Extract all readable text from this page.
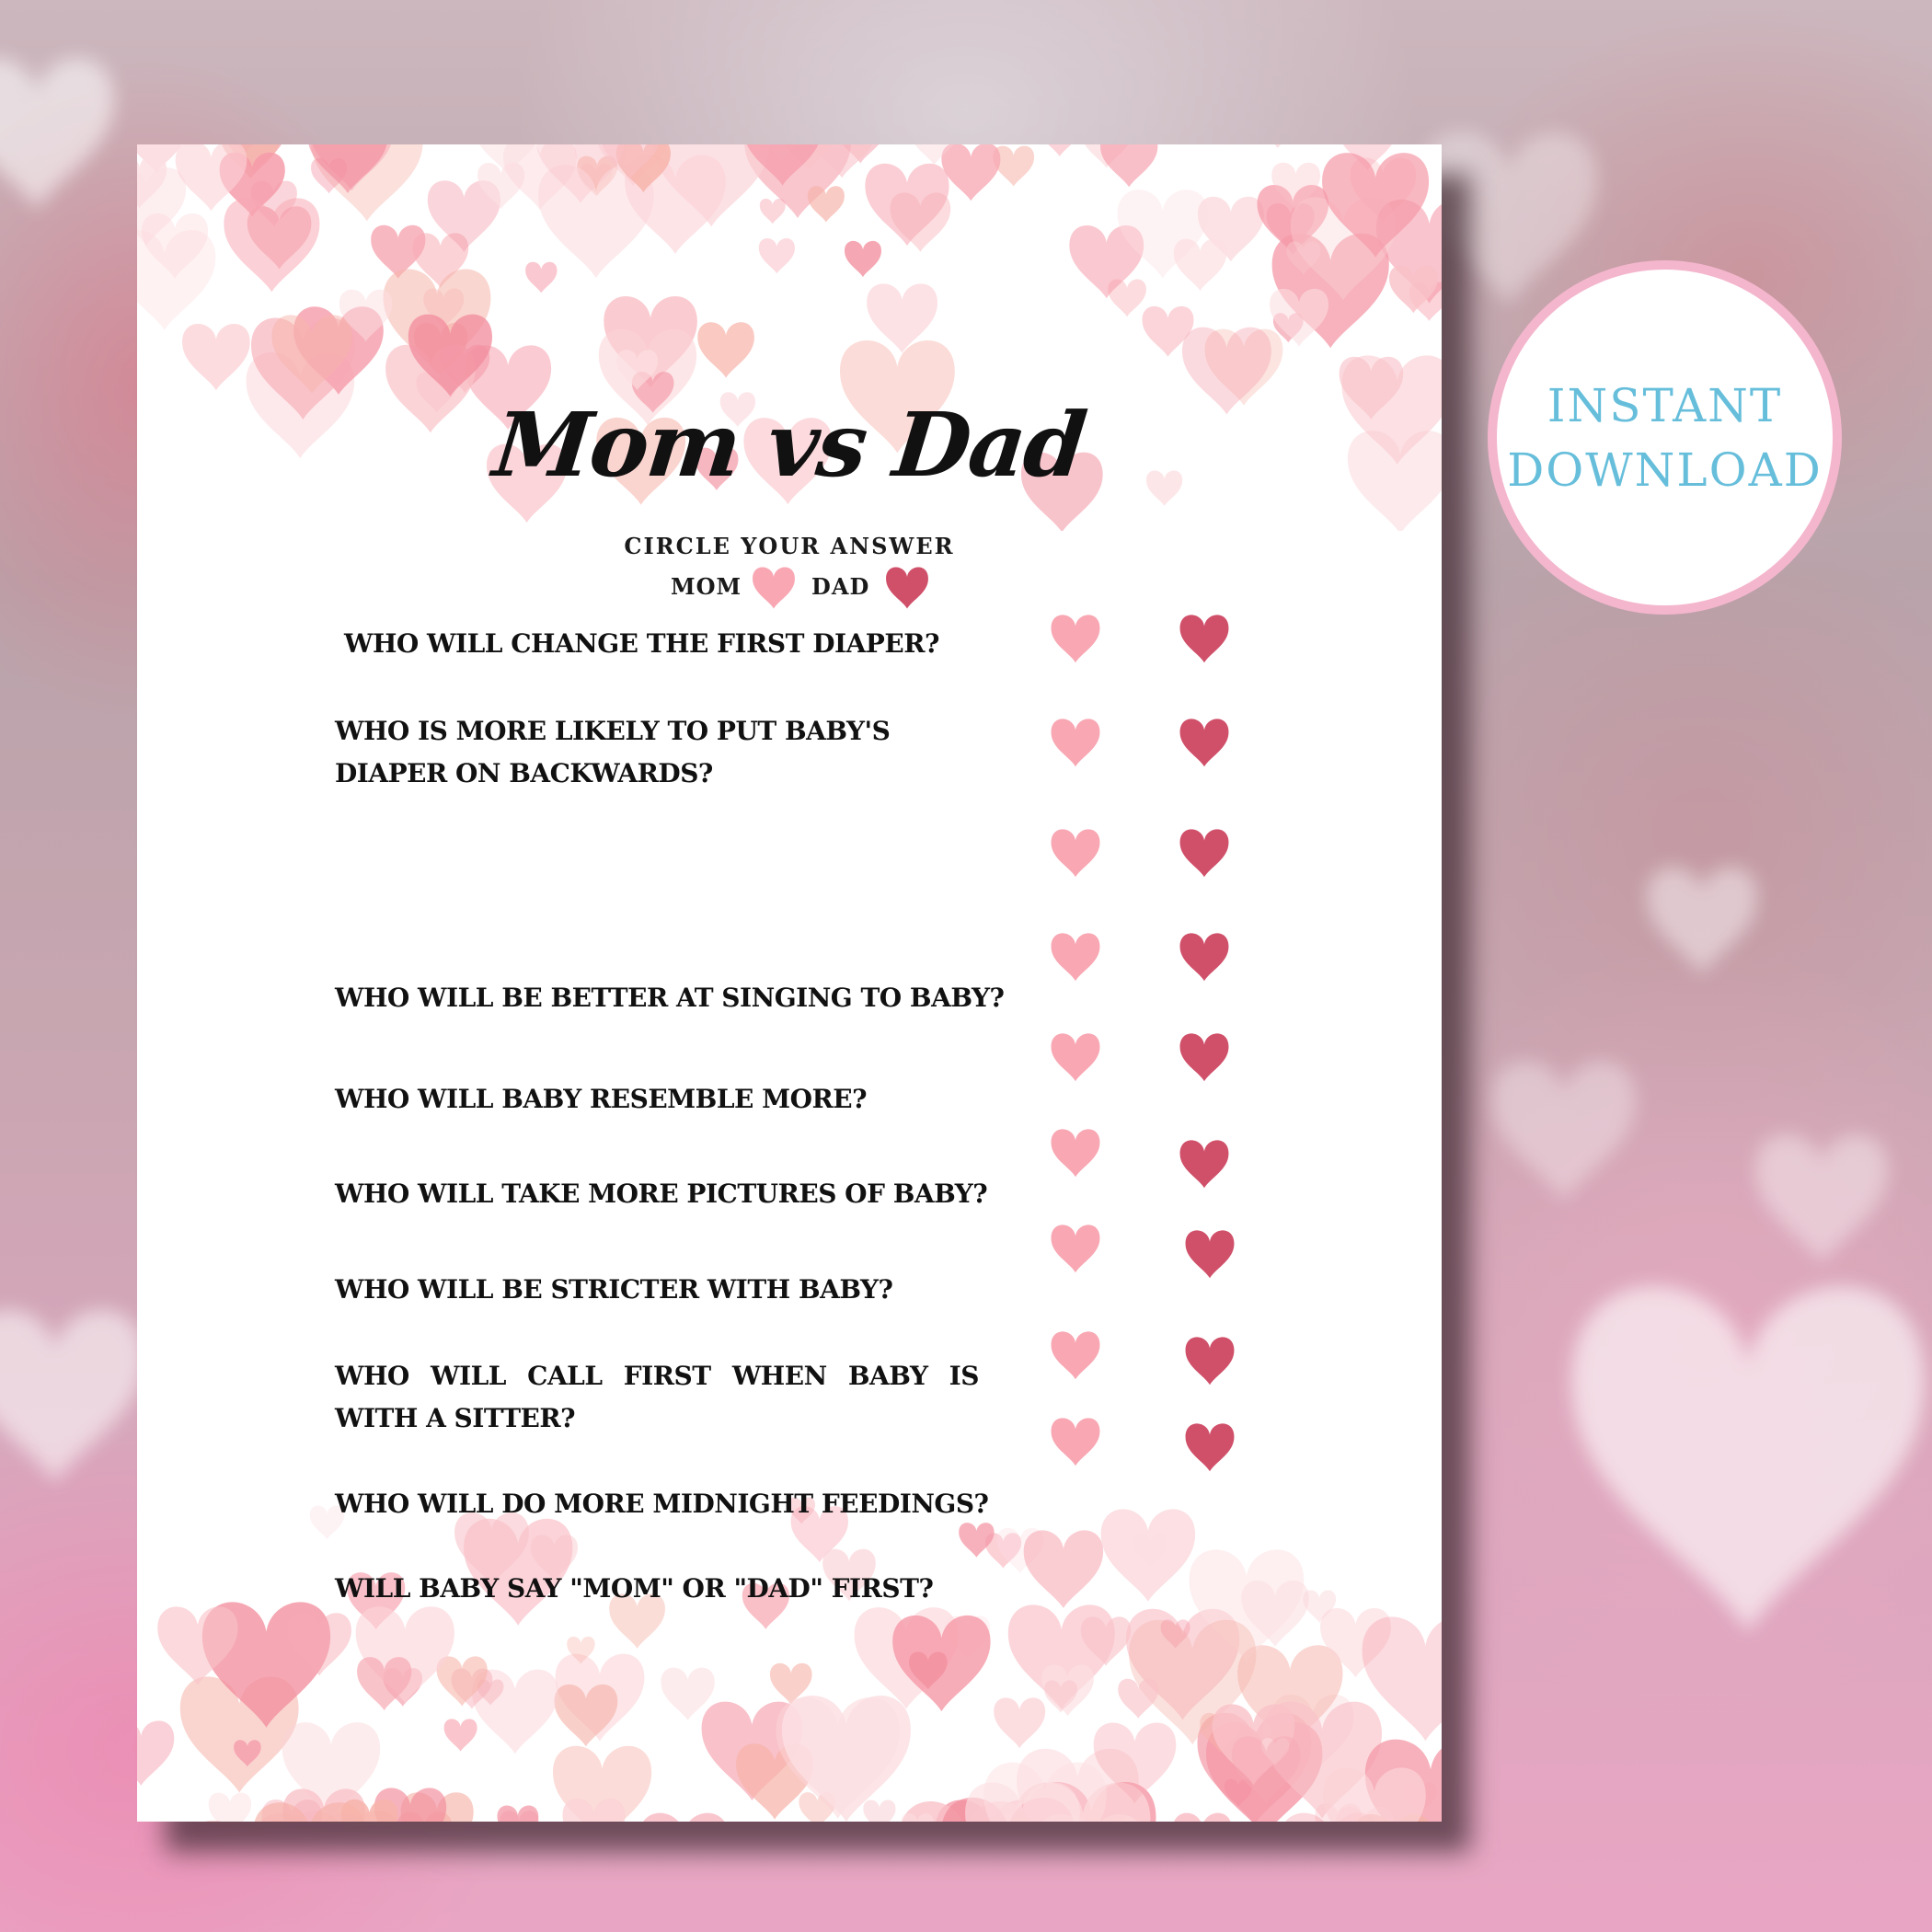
Mom vs Dad
CIRCLE YOUR ANSWER
MOM	DAD
WHO WILL CHANGE THE FIRST DIAPER?
WHO IS MORE LIKELY TO PUT BABY'S DIAPER ON BACKWARDS?
WHO WILL BE BETTER AT SINGING TO BABY?
WHO WILL BABY RESEMBLE MORE?
WHO WILL TAKE MORE PICTURES OF BABY?
WHO WILL BE STRICTER WITH BABY?
WHO WILL CALL FIRST WHEN BABY IS WITH A SITTER?
WHO WILL DO MORE MIDNIGHT FEEDINGS?
WILL BABY SAY "MOM" OR "DAD" FIRST?
INSTANT
DOWNLOAD
